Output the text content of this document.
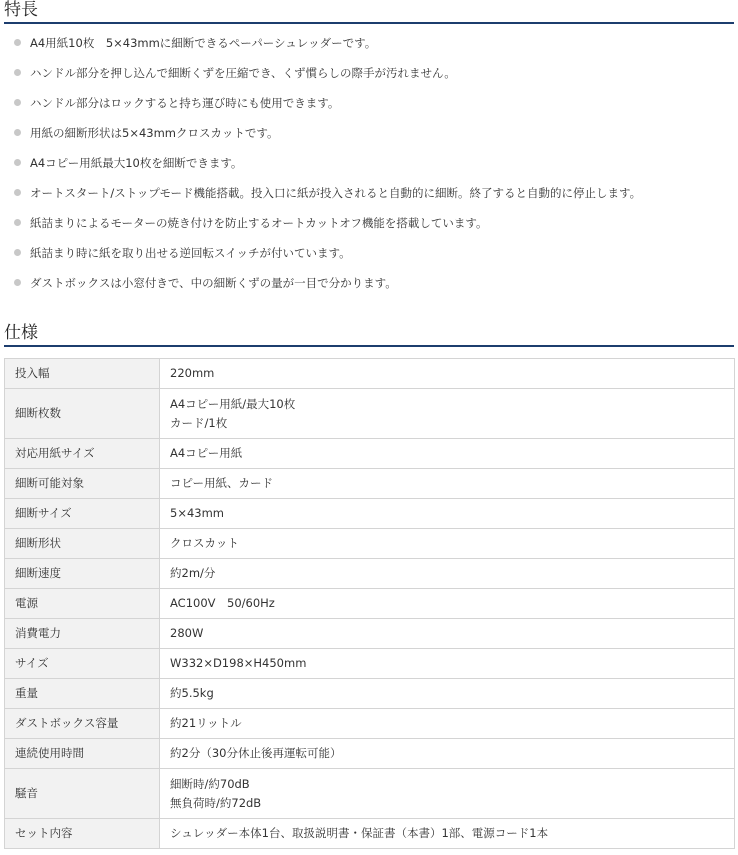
特長
A4用紙10枚　5×43mmに細断できるペーパーシュレッダーです。
ハンドル部分を押し込んで細断くずを圧縮でき、くず慣らしの際手が汚れません。
ハンドル部分はロックすると持ち運び時にも使用できます。
用紙の細断形状は5×43mmクロスカットです。
A4コピー用紙最大10枚を細断できます。
オートスタート/ストップモード機能搭載。投入口に紙が投入されると自動的に細断。終了すると自動的に停止します。
紙詰まりによるモーターの焼き付けを防止するオートカットオフ機能を搭載しています。
紙詰まり時に紙を取り出せる逆回転スイッチが付いています。
ダストボックスは小窓付きで、中の細断くずの量が一目で分かります。
仕様
投入幅	220mm

細断枚数	A4コピー用紙/最大10枚
カード/1枚

対応用紙サイズ	A4コピー用紙

細断可能対象	コピー用紙、カード

細断サイズ	5×43mm

細断形状	クロスカット

細断速度	約2m/分

電源	AC100V　50/60Hz

消費電力	280W

サイズ	W332×D198×H450mm

重量	約5.5kg

ダストボックス容量	約21リットル

連続使用時間	約2分（30分休止後再運転可能）

騒音	細断時/約70dB
無負荷時/約72dB

セット内容	シュレッダー本体1台、取扱説明書・保証書（本書）1部、電源コード1本
